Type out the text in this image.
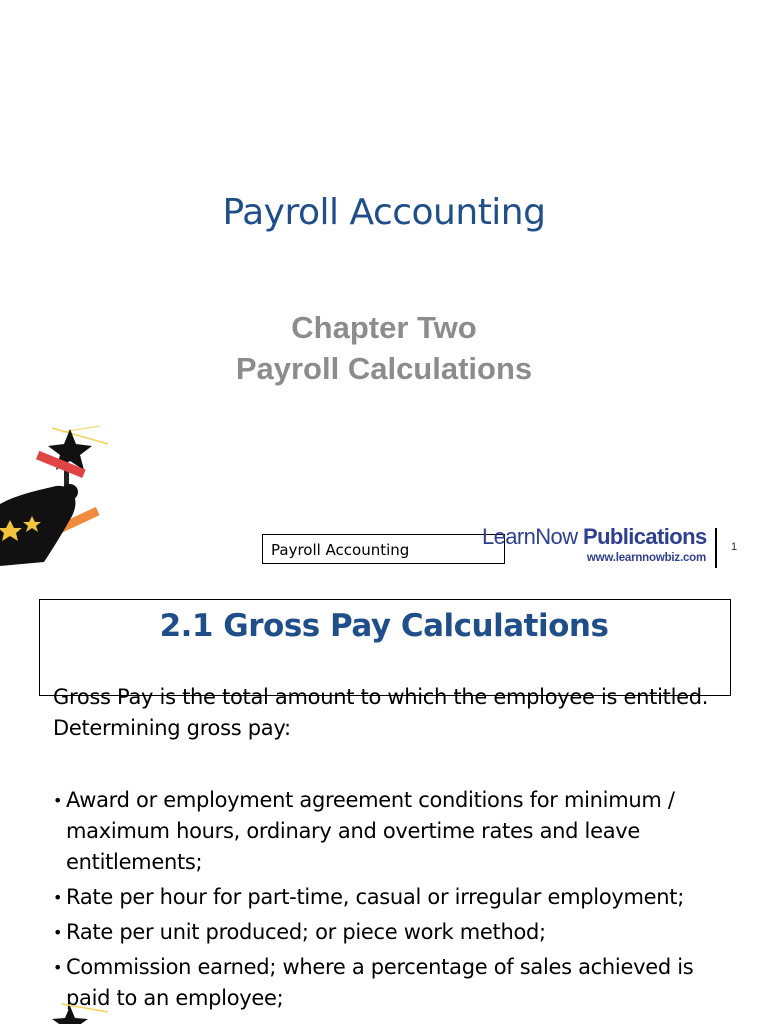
Payroll Accounting
Chapter Two
Payroll Calculations
Payroll Accounting
LearnNow Publications
www.learnnowbiz.com
1
2.1 Gross Pay Calculations
Gross Pay is the total amount to which the employee is entitled.
Determining gross pay:
• Award or employment agreement conditions for minimum / maximum hours, ordinary and overtime rates and leave entitlements;
• Rate per hour for part-time, casual or irregular employment;
• Rate per unit produced; or piece work method;
• Commission earned; where a percentage of sales achieved is paid to an employee;
